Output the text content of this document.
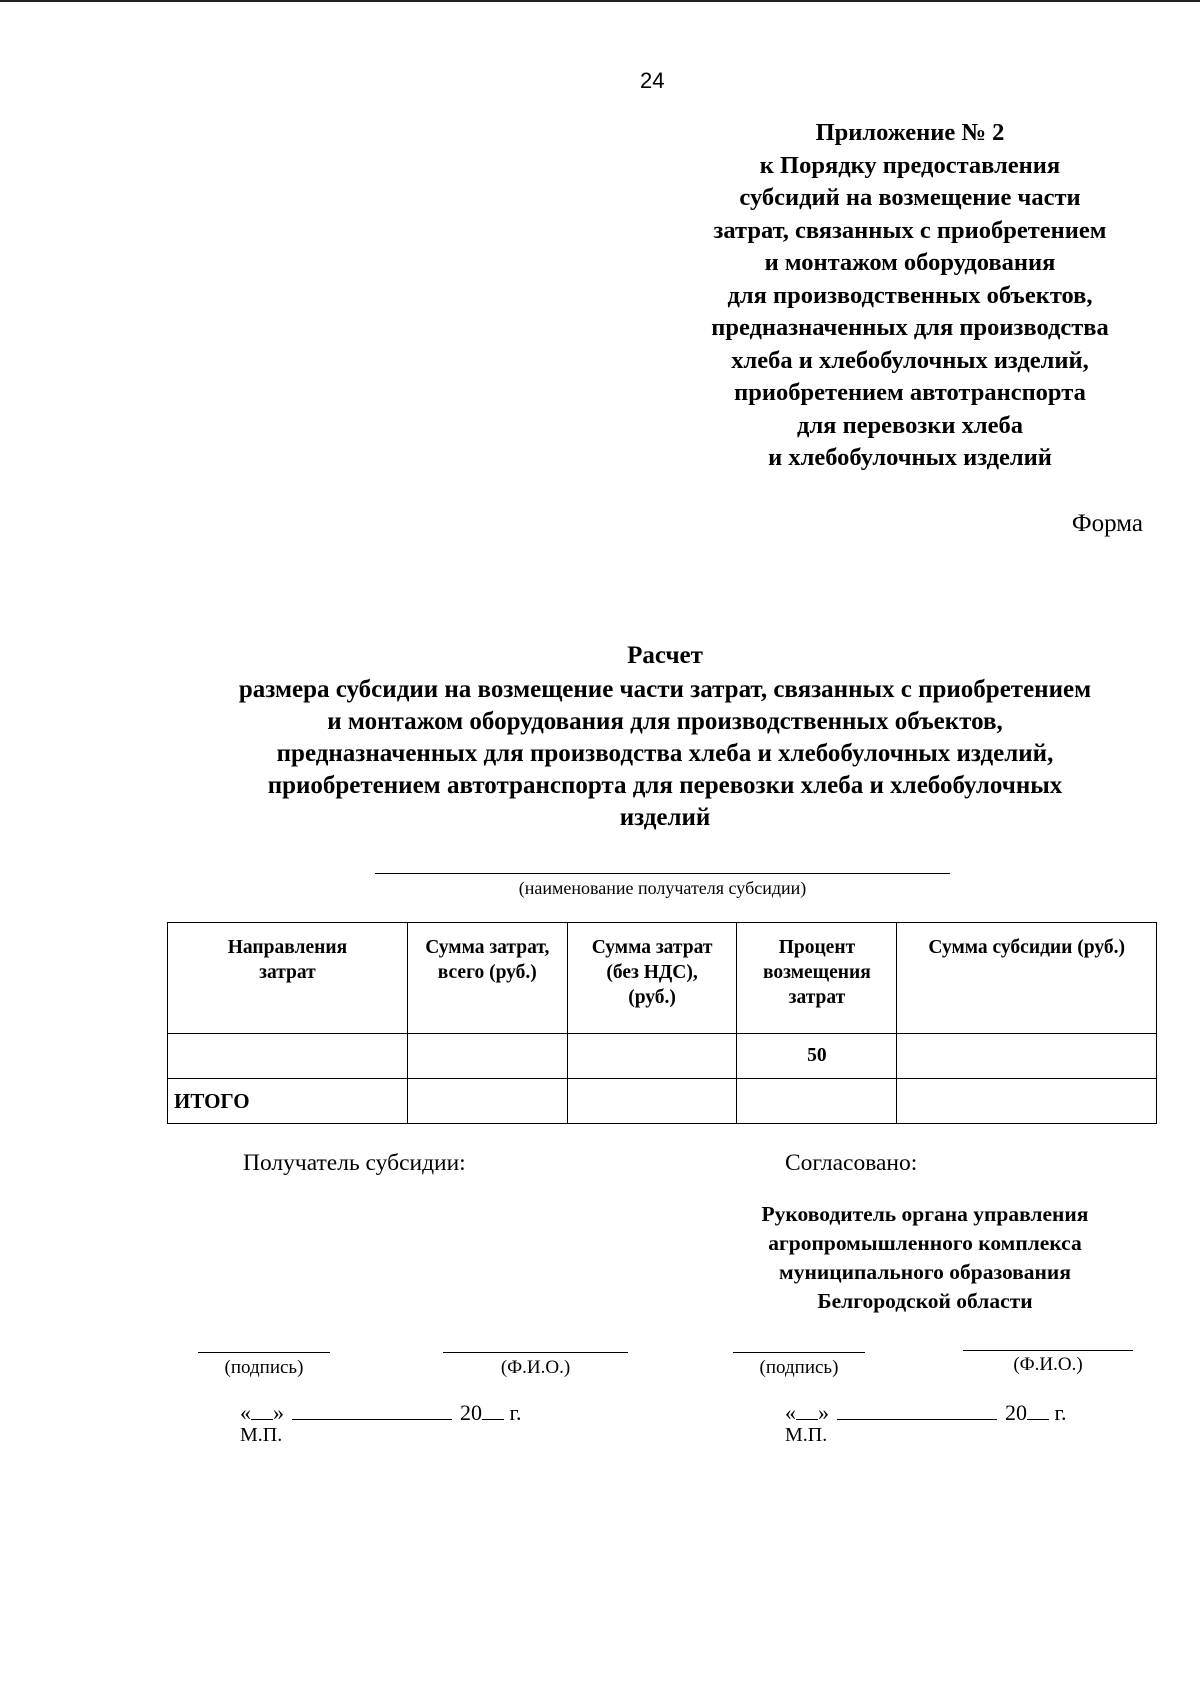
24
Приложение № 2
к Порядку предоставления
субсидий на возмещение части
затрат, связанных с приобретением
и монтажом оборудования
для производственных объектов,
предназначенных для производства
хлеба и хлебобулочных изделий,
приобретением автотранспорта
для перевозки хлеба
и хлебобулочных изделий
Форма
Расчет
размера субсидии на возмещение части затрат, связанных с приобретением
и монтажом оборудования для производственных объектов,
предназначенных для производства хлеба и хлебобулочных изделий,
приобретением автотранспорта для перевозки хлеба и хлебобулочных
изделий
(наименование получателя субсидии)
Направления затрат	Сумма затрат, всего (руб.)	Сумма затрат (без НДС), (руб.)	Процент возмещения затрат	Сумма субсидии (руб.)
			50	
ИТОГО				
Получатель субсидии:	Согласовано:
Руководитель органа управления
агропромышленного комплекса
муниципального образования
Белгородской области
(подпись)	(Ф.И.О.)
« »	20 г.
М.П.
(подпись)	(Ф.И.О.)
« »	20 г.
М.П.
